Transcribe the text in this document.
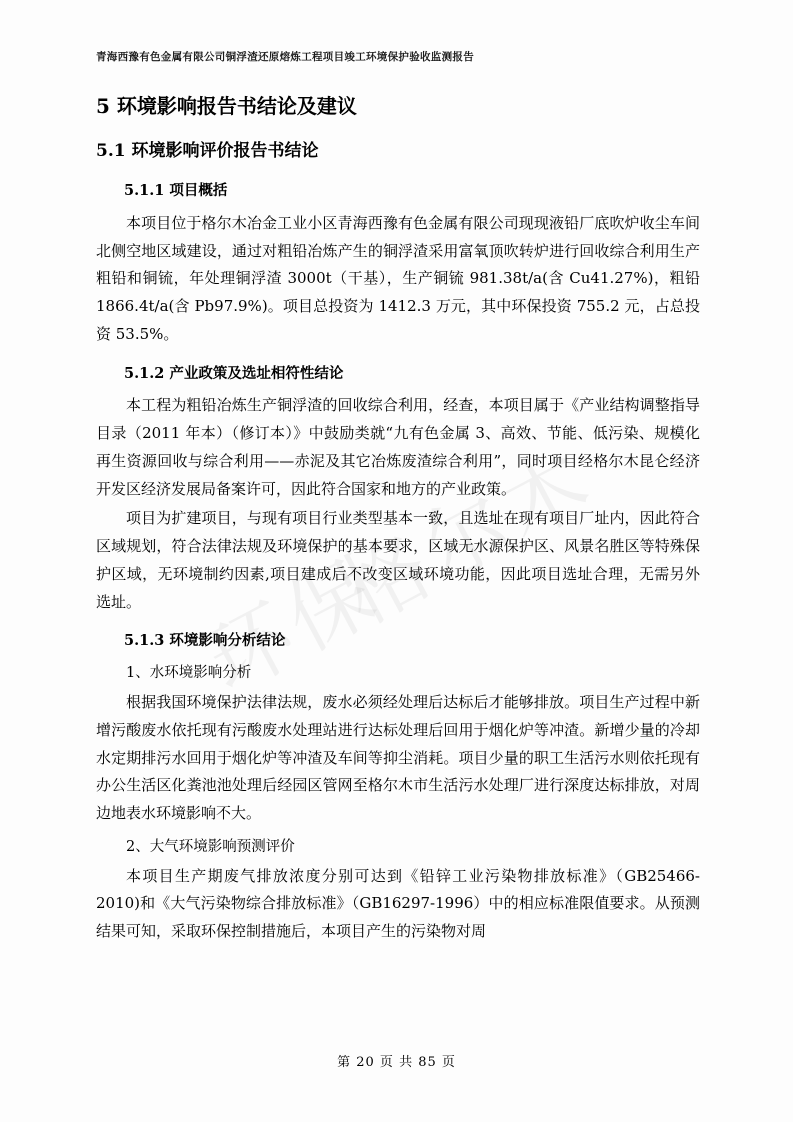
青海西豫有色金属有限公司铜浮渣还原熔炼工程项目竣工环境保护验收监测报告
5 环境影响报告书结论及建议
5.1 环境影响评价报告书结论
5.1.1 项目概括

本项目位于格尔木冶金工业小区青海西豫有色金属有限公司现现液铅厂底吹炉收尘车间北侧空地区域建设，通过对粗铅冶炼产生的铜浮渣采用富氧顶吹转炉进行回收综合利用生产粗铅和铜锍，年处理铜浮渣 3000t（干基），生产铜锍 981.38t/a(含 Cu41.27%)，粗铅 1866.4t/a(含 Pb97.9%)。项目总投资为 1412.3 万元，其中环保投资 755.2 元，占总投资 53.5%。

5.1.2 产业政策及选址相符性结论

本工程为粗铅冶炼生产铜浮渣的回收综合利用，经查，本项目属于《产业结构调整指导目录（2011 年本）（修订本）》中鼓励类就“九有色金属 3、高效、节能、低污染、规模化再生资源回收与综合利用——赤泥及其它冶炼废渣综合利用”，同时项目经格尔木昆仑经济开发区经济发展局备案许可，因此符合国家和地方的产业政策。

项目为扩建项目，与现有项目行业类型基本一致，且选址在现有项目厂址内，因此符合区域规划，符合法律法规及环境保护的基本要求，区域无水源保护区、风景名胜区等特殊保护区域，无环境制约因素,项目建成后不改变区域环境功能，因此项目选址合理，无需另外选址。

5.1.3 环境影响分析结论

1、水环境影响分析

根据我国环境保护法律法规，废水必须经处理后达标后才能够排放。项目生产过程中新增污酸废水依托现有污酸废水处理站进行达标处理后回用于烟化炉等冲渣。新增少量的冷却水定期排污水回用于烟化炉等冲渣及车间等抑尘消耗。项目少量的职工生活污水则依托现有办公生活区化粪池池处理后经园区管网至格尔木市生活污水处理厂进行深度达标排放，对周边地表水环境影响不大。

2、大气环境影响预测评价

本项目生产期废气排放浓度分别可达到《铅锌工业污染物排放标准》（GB25466-2010)和《大气污染物综合排放标准》（GB16297-1996）中的相应标准限值要求。从预测结果可知，采取环保控制措施后，本项目产生的污染物对周

第 20 页 共 85 页
